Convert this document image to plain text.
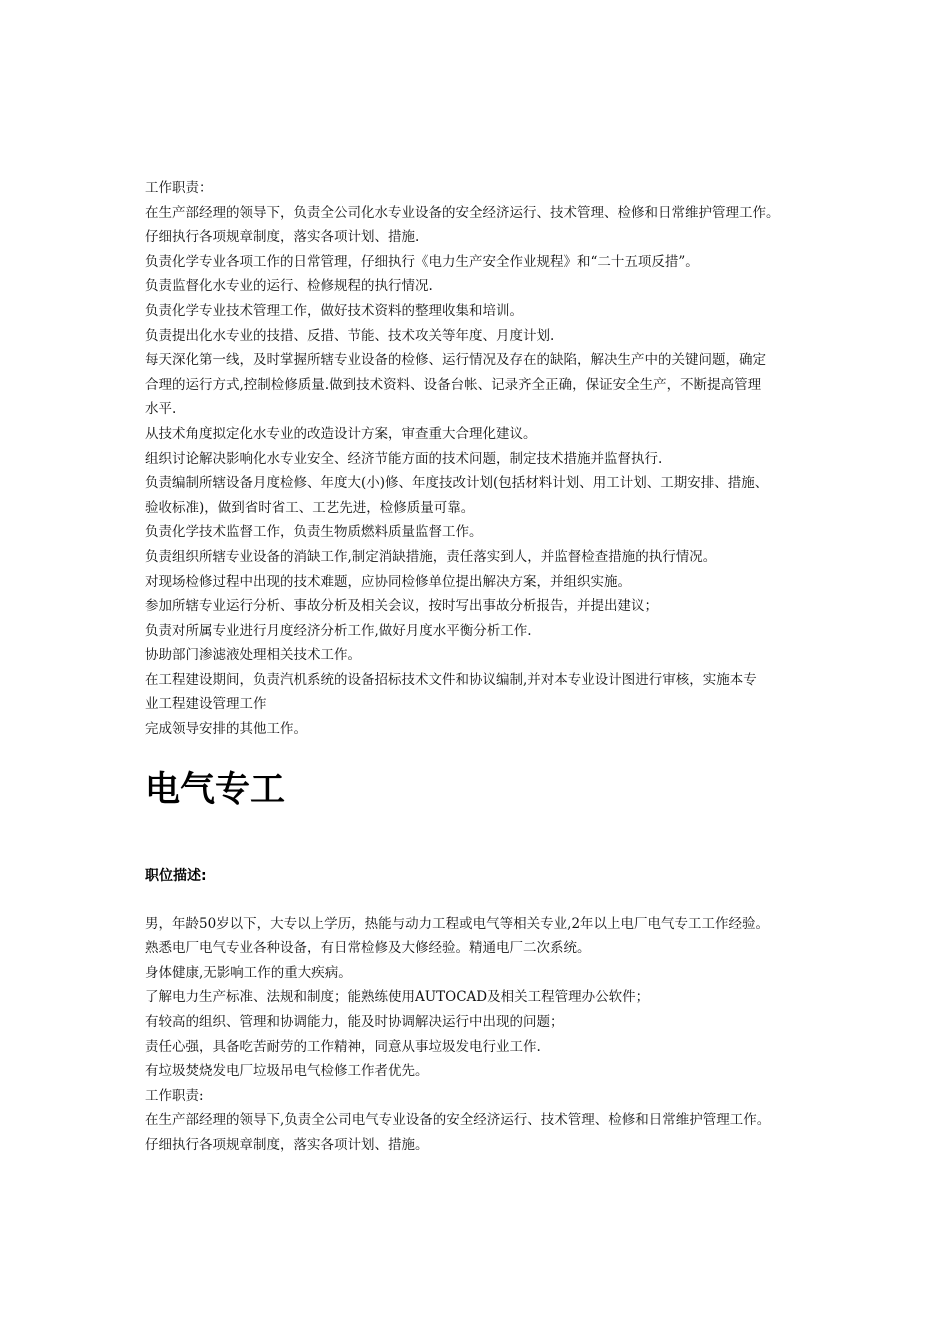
工作职责：
在生产部经理的领导下，负责全公司化水专业设备的安全经济运行、技术管理、检修和日常维护管理工作。
仔细执行各项规章制度，落实各项计划、措施.
负责化学专业各项工作的日常管理，仔细执行《电力生产安全作业规程》和“二十五项反措”。
负责监督化水专业的运行、检修规程的执行情况.
负责化学专业技术管理工作，做好技术资料的整理收集和培训。
负责提出化水专业的技措、反措、节能、技术攻关等年度、月度计划.
每天深化第一线，及时掌握所辖专业设备的检修、运行情况及存在的缺陷，解决生产中的关键问题，确定
合理的运行方式,控制检修质量.做到技术资料、设备台帐、记录齐全正确，保证安全生产，不断提高管理
水平.
从技术角度拟定化水专业的改造设计方案，审查重大合理化建议。
组织讨论解决影响化水专业安全、经济节能方面的技术问题，制定技术措施并监督执行.
负责编制所辖设备月度检修、年度大(小)修、年度技改计划(包括材料计划、用工计划、工期安排、措施、
验收标准)，做到省时省工、工艺先进，检修质量可靠。
负责化学技术监督工作，负责生物质燃料质量监督工作。
负责组织所辖专业设备的消缺工作,制定消缺措施，责任落实到人，并监督检查措施的执行情况。
对现场检修过程中出现的技术难题，应协同检修单位提出解决方案，并组织实施。
参加所辖专业运行分析、事故分析及相关会议，按时写出事故分析报告，并提出建议；
负责对所属专业进行月度经济分析工作,做好月度水平衡分析工作.
协助部门渗滤液处理相关技术工作。
在工程建设期间，负责汽机系统的设备招标技术文件和协议编制,并对本专业设计图进行审核，实施本专
业工程建设管理工作
完成领导安排的其他工作。
电气专工
职位描述:
男，年龄50岁以下，大专以上学历，热能与动力工程或电气等相关专业,2年以上电厂电气专工工作经验。
熟悉电厂电气专业各种设备，有日常检修及大修经验。精通电厂二次系统。
身体健康,无影响工作的重大疾病。
了解电力生产标准、法规和制度；能熟练使用AUTOCAD及相关工程管理办公软件；
有较高的组织、管理和协调能力，能及时协调解决运行中出现的问题；
责任心强，具备吃苦耐劳的工作精神，同意从事垃圾发电行业工作.
有垃圾焚烧发电厂垃圾吊电气检修工作者优先。
工作职责:
在生产部经理的领导下,负责全公司电气专业设备的安全经济运行、技术管理、检修和日常维护管理工作。
仔细执行各项规章制度，落实各项计划、措施。
